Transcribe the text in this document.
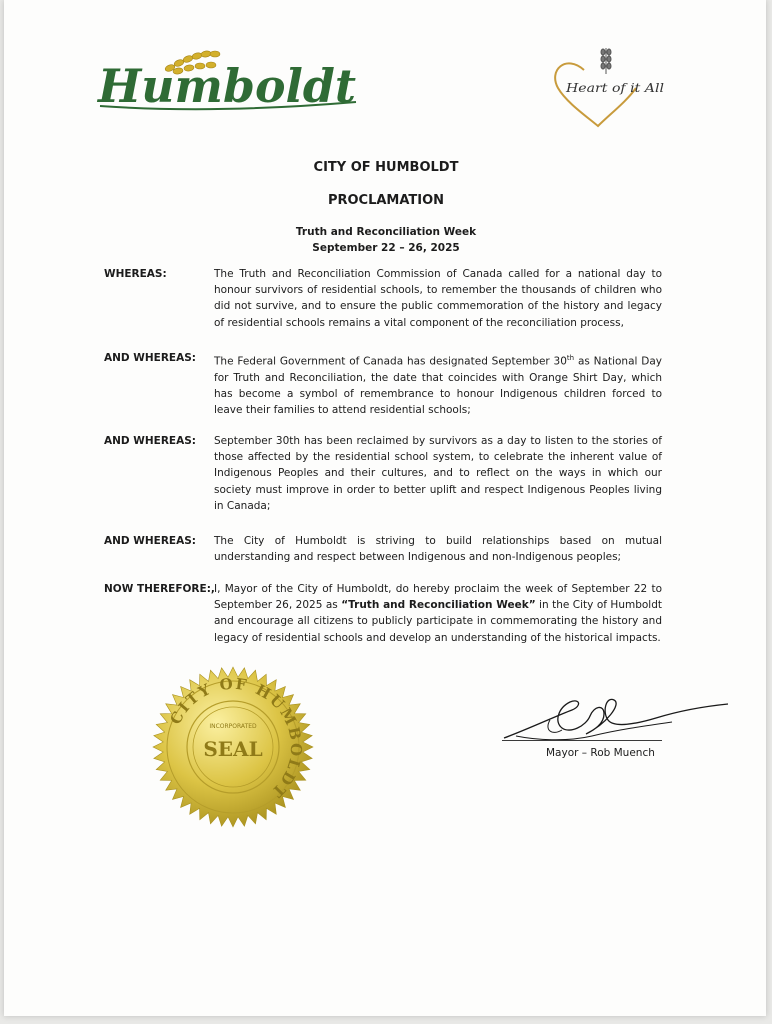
Humboldt	Heart of it All
CITY OF HUMBOLDT
PROCLAMATION
Truth and Reconciliation Week
September 22 – 26, 2025
WHEREAS:	The Truth and Reconciliation Commission of Canada called for a national day to honour survivors of residential schools, to remember the thousands of children who did not survive, and to ensure the public commemoration of the history and legacy of residential schools remains a vital component of the reconciliation process,
AND WHEREAS: The Federal Government of Canada has designated September 30th as National Day for Truth and Reconciliation, the date that coincides with Orange Shirt Day, which has become a symbol of remembrance to honour Indigenous children forced to leave their families to attend residential schools;
AND WHEREAS: September 30th has been reclaimed by survivors as a day to listen to the stories of those affected by the residential school system, to celebrate the inherent value of Indigenous Peoples and their cultures, and to reflect on the ways in which our society must improve in order to better uplift and respect Indigenous Peoples living in Canada;
AND WHEREAS: The City of Humboldt is striving to build relationships based on mutual understanding and respect between Indigenous and non-Indigenous peoples;
NOW THEREFORE:, I, Mayor of the City of Humboldt, do hereby proclaim the week of September 22 to September 26, 2025 as “Truth and Reconciliation Week” in the City of Humboldt and encourage all citizens to publicly participate in commemorating the history and legacy of residential schools and develop an understanding of the historical impacts.
CITY OF HUMBOLDT
INCORPORATED
SEAL	Mayor – Rob Muench
